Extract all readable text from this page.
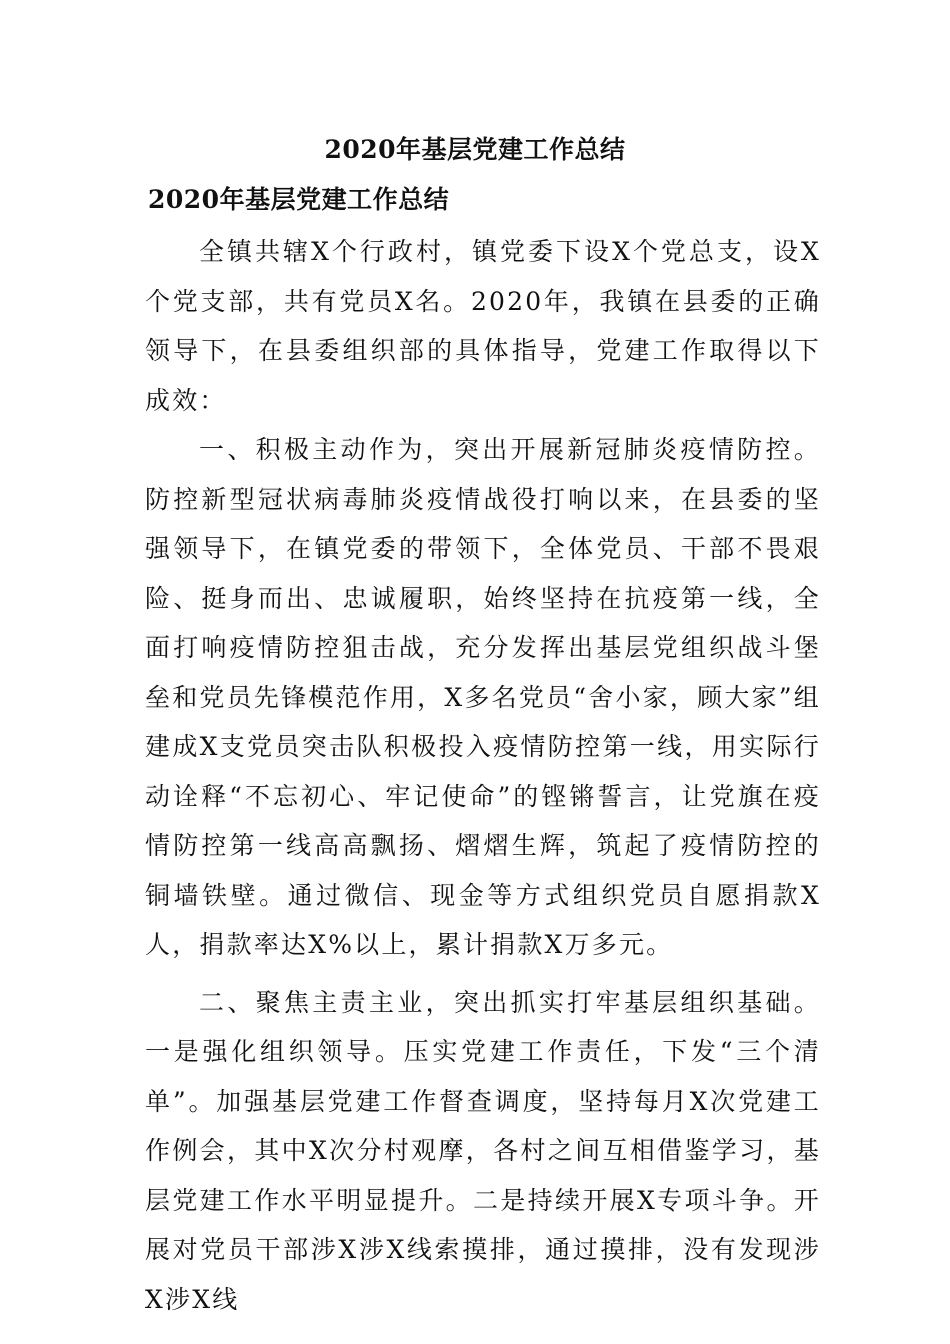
2020年基层党建工作总结
2020年基层党建工作总结

全镇共辖X个行政村，镇党委下设X个党总支，设X个党支部，共有党员X名。2020年，我镇在县委的正确领导下，在县委组织部的具体指导，党建工作取得以下成效：

一、积极主动作为，突出开展新冠肺炎疫情防控。防控新型冠状病毒肺炎疫情战役打响以来，在县委的坚强领导下，在镇党委的带领下，全体党员、干部不畏艰险、挺身而出、忠诚履职，始终坚持在抗疫第一线，全面打响疫情防控狙击战，充分发挥出基层党组织战斗堡垒和党员先锋模范作用，X多名党员“舍小家，顾大家”组建成X支党员突击队积极投入疫情防控第一线，用实际行动诠释“不忘初心、牢记使命”的铿锵誓言，让党旗在疫情防控第一线高高飘扬、熠熠生辉，筑起了疫情防控的铜墙铁壁。通过微信、现金等方式组织党员自愿捐款X人，捐款率达X%以上，累计捐款X万多元。

二、聚焦主责主业，突出抓实打牢基层组织基础。一是强化组织领导。压实党建工作责任，下发“三个清单”。加强基层党建工作督查调度，坚持每月X次党建工作例会，其中X次分村观摩，各村之间互相借鉴学习，基层党建工作水平明显提升。二是持续开展X专项斗争。开展对党员干部涉X涉X线索摸排，通过摸排，没有发现涉X涉X线
